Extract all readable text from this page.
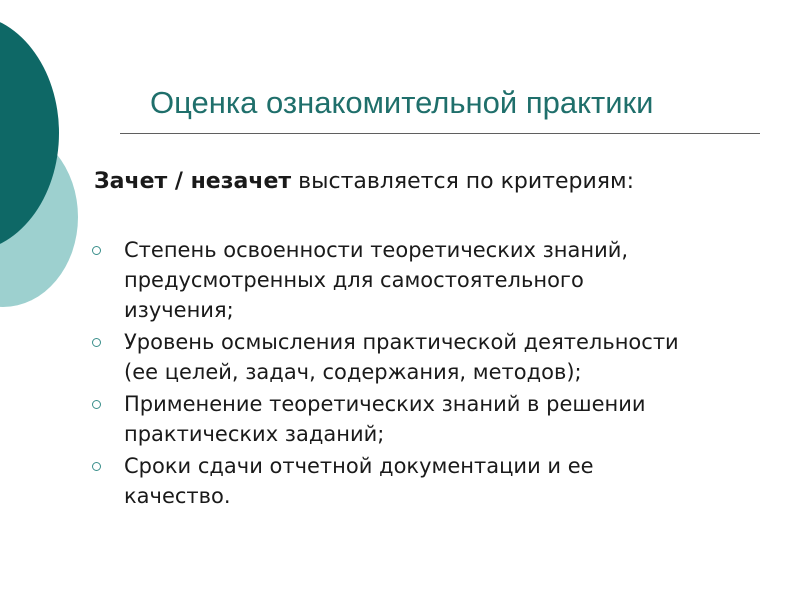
Оценка ознакомительной практики
Зачет / незачет выставляется по критериям:
Степень освоенности теоретических знаний,
предусмотренных для самостоятельного
изучения;
Уровень осмысления практической деятельности
(ее целей, задач, содержания, методов);
Применение теоретических знаний в решении
практических заданий;
Сроки сдачи отчетной документации и ее
качество.
